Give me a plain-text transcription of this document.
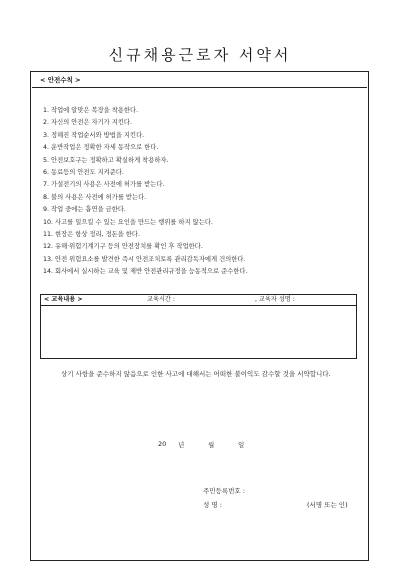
신규채용근로자 서약서
< 안전수칙 >
1. 작업에 알맞은 복장을 착용한다.
2. 자신의 안전은 자기가 지킨다.
3. 정해진 작업순서와 방법을 지킨다.
4. 운반작업은 정확한 자세 동작으로 한다.
5. 안전보호구는 정확하고 확실하게 착용하자.
6. 동료등의 안전도 지켜준다.
7. 가설전기의 사용은 사전에 허가를 받는다.
8. 불의 사용은 사전에 허가를 받는다.
9. 작업 중에는 흡연을 금한다.
10. 사고를 일으킬 수 있는 요인을 만드는 행위를 하지 않는다.
11. 현장은 항상 정리, 정돈을 한다.
12. 유해·위험기계기구 등의 안전장치를 확인 후 작업한다.
13. 안전 위험요소를 발견한 즉시 안전조치토록 관리감독자에게 건의한다.
14. 회사에서 실시하는 교육 및 제반 안전관리규정을 능동적으로 준수한다.
< 교육내용 >	교육시간 :	, 교육자 성명 :
상기 사항을 준수하지 않음으로 인한 사고에 대해서는 어떠한 불이익도 감수할 것을 서약합니다.
20 년	월	일
주민등록번호 :
성 명 :	(서명 또는 인)
